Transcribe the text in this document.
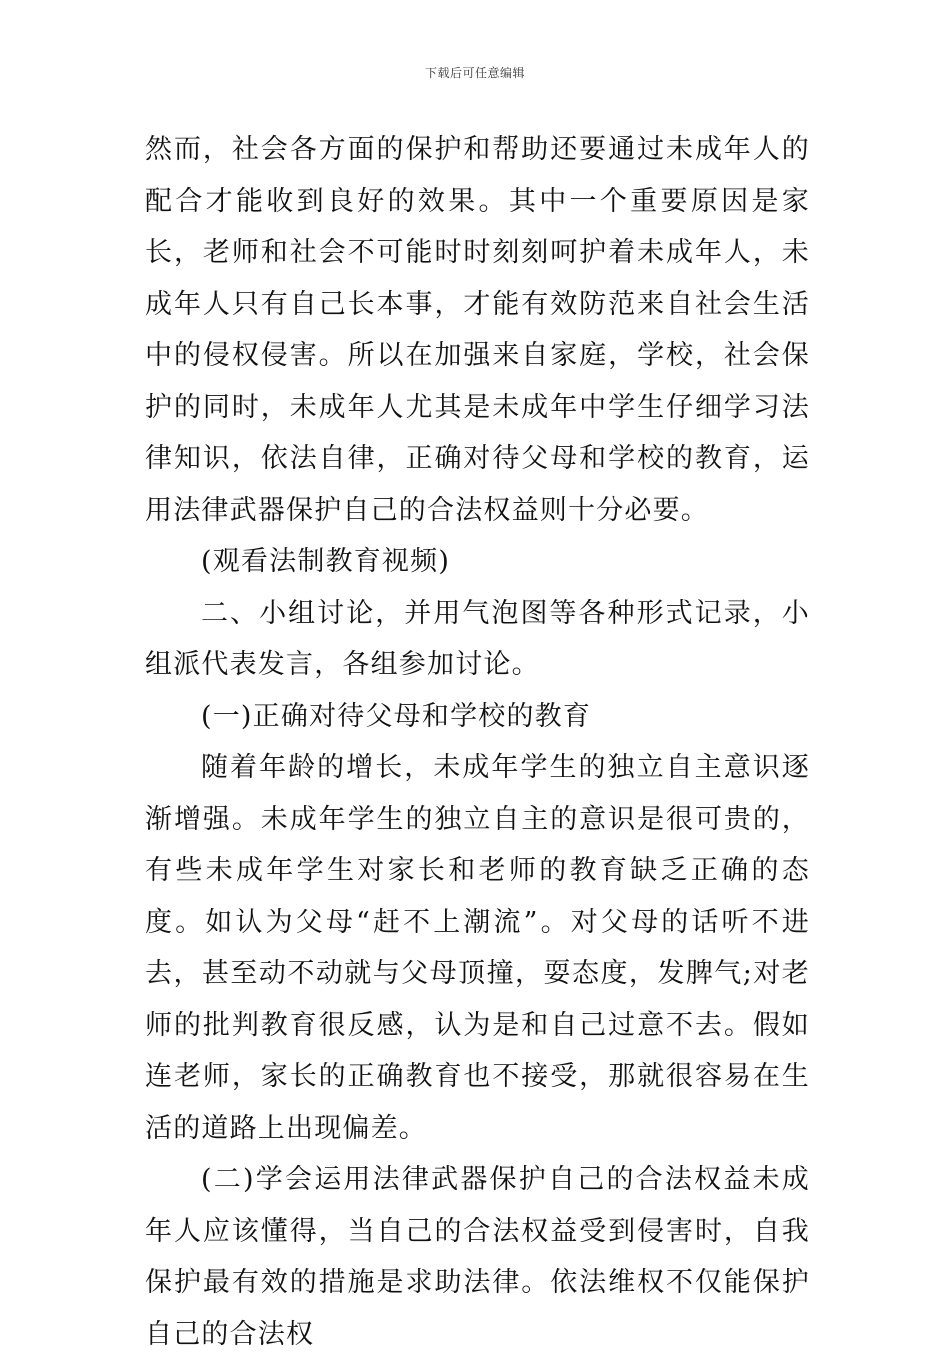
下载后可任意编辑

然而，社会各方面的保护和帮助还要通过未成年人的配合才能收到良好的效果。其中一个重要原因是家长，老师和社会不可能时时刻刻呵护着未成年人，未成年人只有自己长本事，才能有效防范来自社会生活中的侵权侵害。所以在加强来自家庭，学校，社会保护的同时，未成年人尤其是未成年中学生仔细学习法律知识，依法自律，正确对待父母和学校的教育，运用法律武器保护自己的合法权益则十分必要。

(观看法制教育视频)

二、小组讨论，并用气泡图等各种形式记录，小组派代表发言，各组参加讨论。

(一)正确对待父母和学校的教育

随着年龄的增长，未成年学生的独立自主意识逐渐增强。未成年学生的独立自主的意识是很可贵的，有些未成年学生对家长和老师的教育缺乏正确的态度。如认为父母“赶不上潮流”。对父母的话听不进去，甚至动不动就与父母顶撞，耍态度，发脾气;对老师的批判教育很反感，认为是和自己过意不去。假如连老师，家长的正确教育也不接受，那就很容易在生活的道路上出现偏差。

(二)学会运用法律武器保护自己的合法权益未成年人应该懂得，当自己的合法权益受到侵害时，自我保护最有效的措施是求助法律。依法维权不仅能保护自己的合法权
